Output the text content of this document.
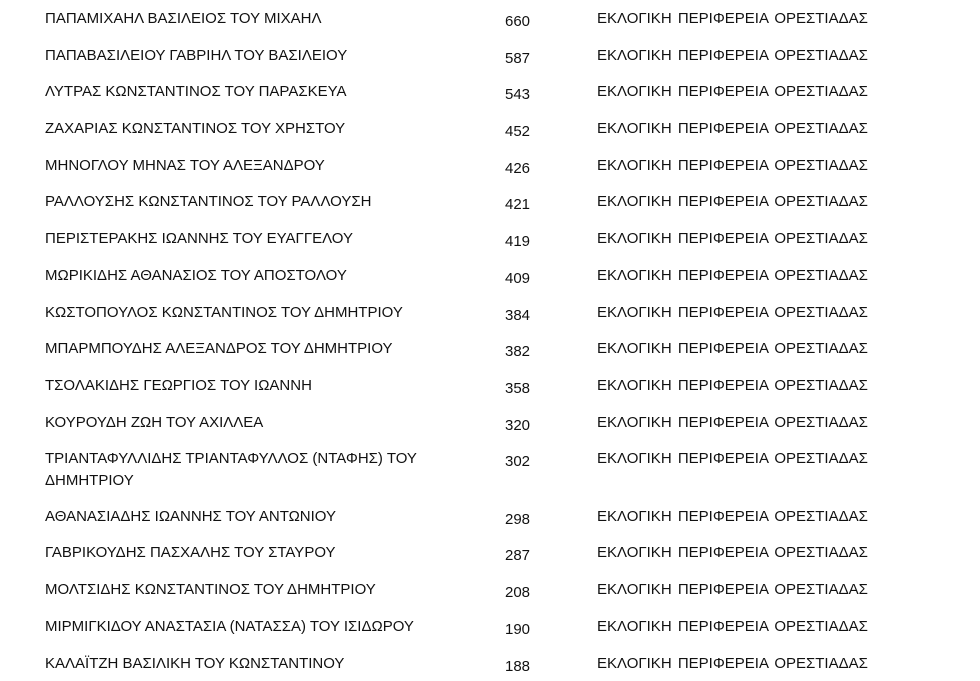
ΠΑΠΑΜΙΧΑΗΛ ΒΑΣΙΛΕΙΟΣ ΤΟΥ ΜΙΧΑΗΛ	660	ΕΚΛΟΓΙΚΗ ΠΕΡΙΦΕΡΕΙΑ ΟΡΕΣΤΙΑΔΑΣ
ΠΑΠΑΒΑΣΙΛΕΙΟΥ ΓΑΒΡΙΗΛ ΤΟΥ ΒΑΣΙΛΕΙΟΥ	587	ΕΚΛΟΓΙΚΗ ΠΕΡΙΦΕΡΕΙΑ ΟΡΕΣΤΙΑΔΑΣ
ΛΥΤΡΑΣ ΚΩΝΣΤΑΝΤΙΝΟΣ ΤΟΥ ΠΑΡΑΣΚΕΥΑ	543	ΕΚΛΟΓΙΚΗ ΠΕΡΙΦΕΡΕΙΑ ΟΡΕΣΤΙΑΔΑΣ
ΖΑΧΑΡΙΑΣ ΚΩΝΣΤΑΝΤΙΝΟΣ ΤΟΥ ΧΡΗΣΤΟΥ	452	ΕΚΛΟΓΙΚΗ ΠΕΡΙΦΕΡΕΙΑ ΟΡΕΣΤΙΑΔΑΣ
ΜΗΝΟΓΛΟΥ ΜΗΝΑΣ ΤΟΥ ΑΛΕΞΑΝΔΡΟΥ	426	ΕΚΛΟΓΙΚΗ ΠΕΡΙΦΕΡΕΙΑ ΟΡΕΣΤΙΑΔΑΣ
ΡΑΛΛΟΥΣΗΣ ΚΩΝΣΤΑΝΤΙΝΟΣ ΤΟΥ ΡΑΛΛΟΥΣΗ	421	ΕΚΛΟΓΙΚΗ ΠΕΡΙΦΕΡΕΙΑ ΟΡΕΣΤΙΑΔΑΣ
ΠΕΡΙΣΤΕΡΑΚΗΣ ΙΩΑΝΝΗΣ ΤΟΥ ΕΥΑΓΓΕΛΟΥ	419	ΕΚΛΟΓΙΚΗ ΠΕΡΙΦΕΡΕΙΑ ΟΡΕΣΤΙΑΔΑΣ
ΜΩΡΙΚΙΔΗΣ ΑΘΑΝΑΣΙΟΣ ΤΟΥ ΑΠΟΣΤΟΛΟΥ	409	ΕΚΛΟΓΙΚΗ ΠΕΡΙΦΕΡΕΙΑ ΟΡΕΣΤΙΑΔΑΣ
ΚΩΣΤΟΠΟΥΛΟΣ ΚΩΝΣΤΑΝΤΙΝΟΣ ΤΟΥ ΔΗΜΗΤΡΙΟΥ	384	ΕΚΛΟΓΙΚΗ ΠΕΡΙΦΕΡΕΙΑ ΟΡΕΣΤΙΑΔΑΣ
ΜΠΑΡΜΠΟΥΔΗΣ ΑΛΕΞΑΝΔΡΟΣ ΤΟΥ ΔΗΜΗΤΡΙΟΥ	382	ΕΚΛΟΓΙΚΗ ΠΕΡΙΦΕΡΕΙΑ ΟΡΕΣΤΙΑΔΑΣ
ΤΣΟΛΑΚΙΔΗΣ ΓΕΩΡΓΙΟΣ ΤΟΥ ΙΩΑΝΝΗ	358	ΕΚΛΟΓΙΚΗ ΠΕΡΙΦΕΡΕΙΑ ΟΡΕΣΤΙΑΔΑΣ
ΚΟΥΡΟΥΔΗ ΖΩΗ ΤΟΥ ΑΧΙΛΛΕΑ	320	ΕΚΛΟΓΙΚΗ ΠΕΡΙΦΕΡΕΙΑ ΟΡΕΣΤΙΑΔΑΣ
ΤΡΙΑΝΤΑΦΥΛΛΙΔΗΣ ΤΡΙΑΝΤΑΦΥΛΛΟΣ (ΝΤΑΦΗΣ) ΤΟΥ ΔΗΜΗΤΡΙΟΥ
302	ΕΚΛΟΓΙΚΗ ΠΕΡΙΦΕΡΕΙΑ ΟΡΕΣΤΙΑΔΑΣ
ΑΘΑΝΑΣΙΑΔΗΣ ΙΩΑΝΝΗΣ ΤΟΥ ΑΝΤΩΝΙΟΥ	298	ΕΚΛΟΓΙΚΗ ΠΕΡΙΦΕΡΕΙΑ ΟΡΕΣΤΙΑΔΑΣ
ΓΑΒΡΙΚΟΥΔΗΣ ΠΑΣΧΑΛΗΣ ΤΟΥ ΣΤΑΥΡΟΥ	287	ΕΚΛΟΓΙΚΗ ΠΕΡΙΦΕΡΕΙΑ ΟΡΕΣΤΙΑΔΑΣ
ΜΟΛΤΣΙΔΗΣ ΚΩΝΣΤΑΝΤΙΝΟΣ ΤΟΥ ΔΗΜΗΤΡΙΟΥ	208	ΕΚΛΟΓΙΚΗ ΠΕΡΙΦΕΡΕΙΑ ΟΡΕΣΤΙΑΔΑΣ
ΜΙΡΜΙΓΚΙΔΟΥ ΑΝΑΣΤΑΣΙΑ (ΝΑΤΑΣΣΑ) ΤΟΥ ΙΣΙΔΩΡΟΥ	190	ΕΚΛΟΓΙΚΗ ΠΕΡΙΦΕΡΕΙΑ ΟΡΕΣΤΙΑΔΑΣ
ΚΑΛΑΪΤΖΗ ΒΑΣΙΛΙΚΗ ΤΟΥ ΚΩΝΣΤΑΝΤΙΝΟΥ	188	ΕΚΛΟΓΙΚΗ ΠΕΡΙΦΕΡΕΙΑ ΟΡΕΣΤΙΑΔΑΣ
